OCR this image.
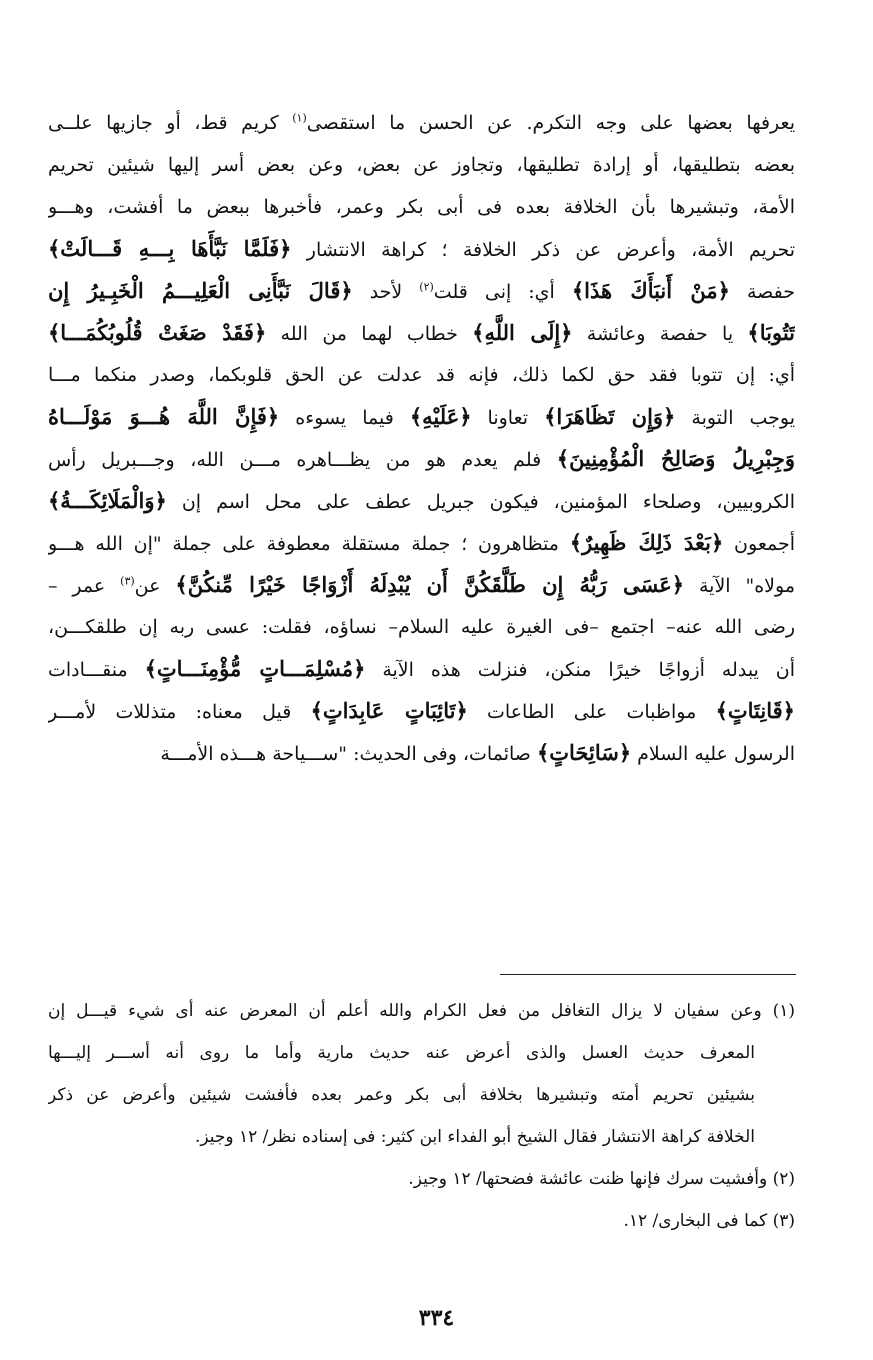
يعرفها بعضها على وجه التكرم. عن الحسن ما استقصى$^{(١)}$ كريم قط، أو جازيها علــى
بعضه بتطليقها، أو إرادة تطليقها، وتجاوز عن بعض، وعن بعض أسر إليها شيئين تحريم
الأمة، وتبشيرها بأن الخلافة بعده فى أبى بكر وعمر، فأخبرها ببعض ما أفشت، وهـــو
تحريم الأمة، وأعرض عن ذكر الخلافة ؛ كراهة الانتشار ﴿فَلَمَّا نَبَّأَهَا بِـــهِ قَـــالَتْ﴾
حفصة ﴿مَنْ أَنبَأَكَ هَذَا﴾ أي: إنى قلت$^{(٢)}$ لأحد ﴿قَالَ نَبَّأَنِى الْعَلِيـــمُ الْخَبِـيرُ إِن
تَتُوبَا﴾ يا حفصة وعائشة ﴿إِلَى اللَّهِ﴾ خطاب لهما من الله ﴿فَقَدْ صَغَتْ قُلُوبُكُمَـــا﴾
أي: إن تتوبا فقد حق لكما ذلك، فإنه قد عدلت عن الحق قلوبكما، وصدر منكما مـــا
يوجب التوبة ﴿وَإِن تَظَاهَرَا﴾ تعاونا ﴿عَلَيْهِ﴾ فيما يسوءه ﴿فَإِنَّ اللَّهَ هُـــوَ مَوْلَـــاهُ
وَجِبْرِيلُ وَصَالِحُ الْمُؤْمِنِينَ﴾ فلم يعدم هو من يظـــاهره مـــن الله، وجـــبريل رأس
الكروبيين، وصلحاء المؤمنين، فيكون جبريل عطف على محل اسم إن ﴿وَالْمَلَائِكَـــةُ﴾
أجمعون ﴿بَعْدَ ذَلِكَ ظَهِيرٌ﴾ متظاهرون ؛ جملة مستقلة معطوفة على جملة "إن الله هـــو
مولاه" الآية ﴿عَسَى رَبُّهُ إِن طَلَّقَكُنَّ أَن يُبْدِلَهُ أَزْوَاجًا خَيْرًا مِّنكُنَّ﴾ عن$^{(٣)}$ عمر –
رضى الله عنه– اجتمع –فى الغيرة عليه السلام– نساؤه، فقلت: عسى ربه إن طلقكـــن،
أن يبدله أزواجًا خيرًا منكن، فنزلت هذه الآية ﴿مُسْلِمَـــاتٍ مُّؤْمِنَـــاتٍ﴾ منقـــادات
﴿قَانِتَاتٍ﴾ مواظبات على الطاعات ﴿تَائِبَاتٍ عَابِدَاتٍ﴾ قيل معناه: متذللات لأمـــر
الرسول عليه السلام ﴿سَائِحَاتٍ﴾ صائمات، وفى الحديث: "ســـياحة هـــذه الأمـــة
(١) وعن سفيان لا يزال التغافل من فعل الكرام والله أعلم أن المعرض عنه أى شيء قيـــل إن
المعرف حديث العسل والذى أعرض عنه حديث مارية وأما ما روى أنه أســـر إليـــها
بشيئين تحريم أمته وتبشيرها بخلافة أبى بكر وعمر بعده فأفشت شيئين وأعرض عن ذكر
الخلافة كراهة الانتشار فقال الشيخ أبو الفداء ابن كثير: فى إسناده نظر/ ١٢ وجيز.
(٢) وأفشيت سرك فإنها ظنت عائشة فضحتها/ ١٢ وجيز.
(٣) كما فى البخارى/ ١٢.
٣٣٤
